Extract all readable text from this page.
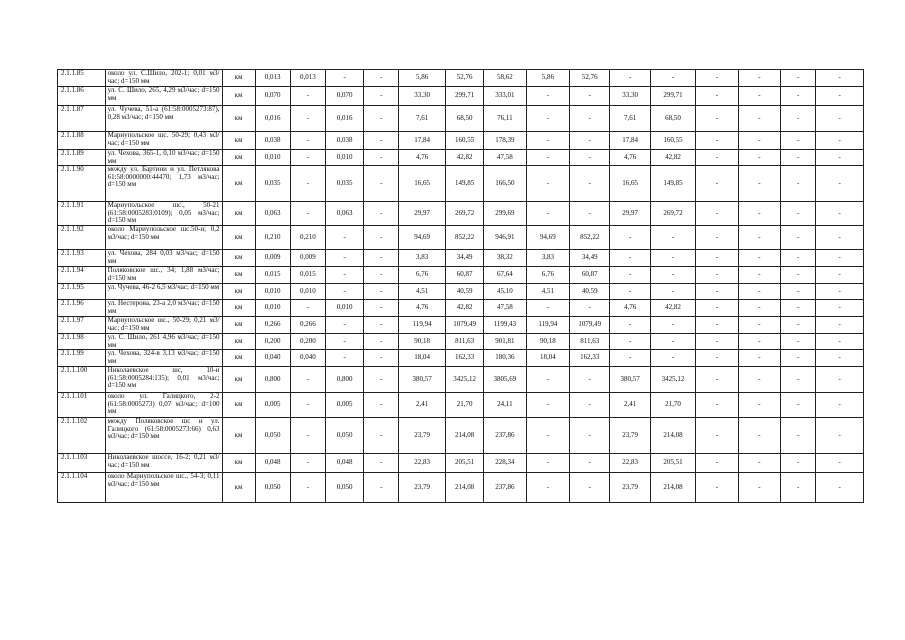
2.1.1.85	около ул. С.Шило, 202-1; 0,01 м3/час; d=150 мм	км	0,013	0,013	-	-	5,86	52,76	58,62	5,86	52,76	-	-	-	-	-	-
2.1.1.86	ул. С. Шило, 265, 4,29 м3/час; d=150 мм	км	0,070	-	0,070	-	33,30	299,71	333,01	-	-	33,30	299,71	-	-	-	-
2.1.1.87	ул. Чучева, 51-а (61:58:0005273:87), 0,28 м3/час; d=150 мм	км	0,016	-	0,016	-	7,61	68,50	76,11	-	-	7,61	68,50	-	-	-	-
2.1.1.88	Мариупольское шс. 50-29; 0,43 м3/час; d=150 мм	км	0,038	-	0,038	-	17,84	160,55	178,39	-	-	17,84	160,55	-	-	-	-
2.1.1.89	ул. Чехова, 365-1, 0,10 м3/час; d=150 мм	км	0,010	-	0,010	-	4,76	42,82	47,58	-	-	4,76	42,82	-	-	-	-
2.1.1.90	между ул. Бартини и ул. Петлякова 61:58:0000000:44470; 1,73 м3/час; d=150 мм	км	0,035	-	0,035	-	16,65	149,85	166,50	-	-	16,65	149,85	-	-	-	-
2.1.1.91	Мариупольское шс., 50-21 (61:58:0005283:0109); 0,05 м3/час; d=150 мм	км	0,063	-	0,063	-	29,97	269,72	299,69	-	-	29,97	269,72	-	-	-	-
2.1.1.92	около Мариупольское шс.50-и; 0,2 м3/час; d=150 мм	км	0,210	0,210	-	-	94,69	852,22	946,91	94,69	852,22	-	-	-	-	-	-
2.1.1.93	ул. Чехова, 284 0,03 м3/час; d=150 мм	км	0,009	0,009	-	-	3,83	34,49	38,32	3,83	34,49	-	-	-	-	-	-
2.1.1.94	Поляковское шс., 34; 1,88 м3/час; d=150 мм	км	0,015	0,015	-	-	6,76	60,87	67,64	6,76	60,87	-	-	-	-	-	-
2.1.1.95	ул. Чучева, 46-2 6,5 м3/час; d=150 мм	км	0,010	0,010	-	-	4,51	40,59	45,10	4,51	40,59	-	-	-	-	-	-
2.1.1.96	ул. Нестерова, 23-а 2,0 м3/час; d=150 мм	км	0,010	-	0,010	-	4,76	42,82	47,58	-	-	4,76	42,82	-	-	-	-
2.1.1.97	Мариупольское шс., 50-29; 0,21 м3/час; d=150 мм	км	0,266	0,266	-	-	119,94	1079,49	1199,43	119,94	1079,49	-	-	-	-	-	-
2.1.1.98	ул. С. Шило, 261 4,96 м3/час; d=150 мм	км	0,200	0,200	-	-	90,18	811,63	901,81	90,18	811,63	-	-	-	-	-	-
2.1.1.99	ул. Чехова, 324-в 3,13 м3/час; d=150 мм	км	0,040	0,040	-	-	18,04	162,33	180,36	18,04	162,33	-	-	-	-	-	-
2.1.1.100	Николаевское шс, 10-и (61:58:0005284:135); 0,01 м3/час; d=150 мм	км	0,800	-	0,800	-	380,57	3425,12	3805,69	-	-	380,57	3425,12	-	-	-	-
2.1.1.101	около ул. Галицкого, 2-2 (61:58:0005273) 0,07 м3/час; d=100 мм	км	0,005	-	0,005	-	2,41	21,70	24,11	-	-	2,41	21,70	-	-	-	-
2.1.1.102	между Поляковское шс и ул. Галицкого (61:58:0005273:66) 0,63 м3/час; d=150 мм	км	0,050	-	0,050	-	23,79	214,08	237,86	-	-	23,79	214,08	-	-	-	-
2.1.1.103	Николаевское шоссе, 16-2; 0,21 м3/час; d=150 мм	км	0,048	-	0,048	-	22,83	205,51	228,34	-	-	22,83	205,51	-	-	-	-
2.1.1.104	около Мариупольское шс., 54-3; 0,11 м3/час; d=150 мм	км	0,050	-	0,050	-	23,79	214,08	237,86	-	-	23,79	214,08	-	-	-	-
